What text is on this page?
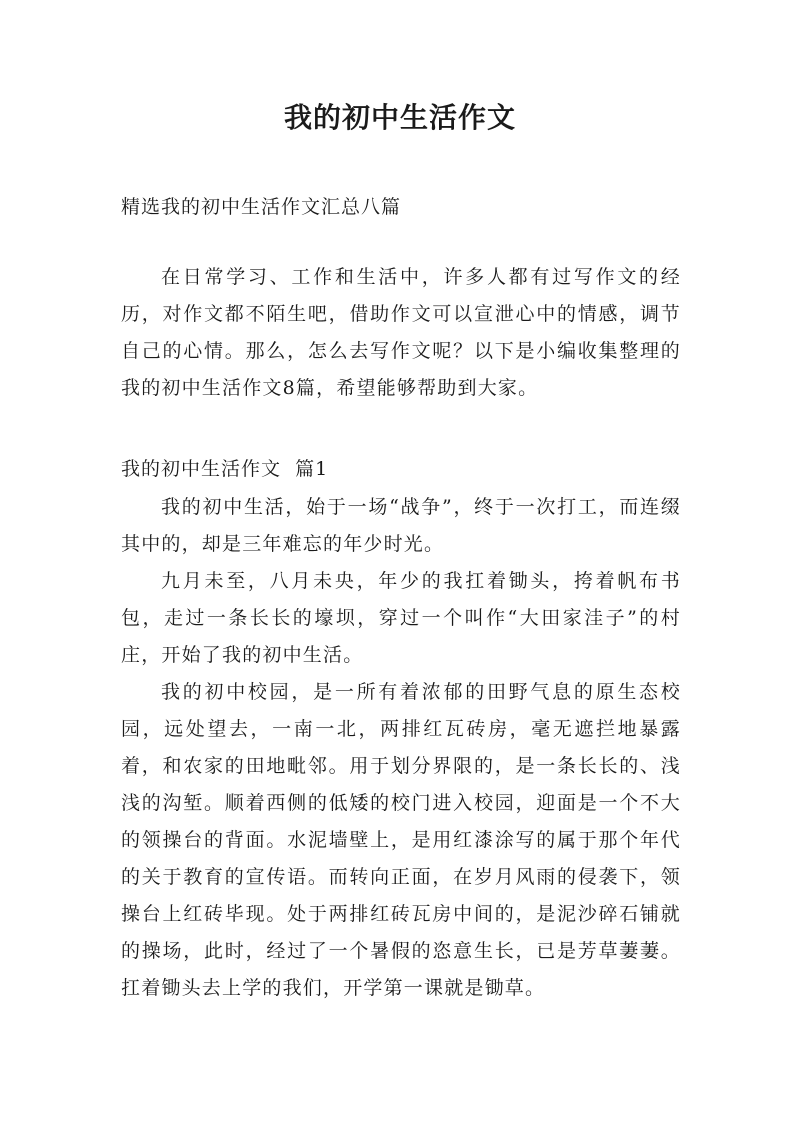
我的初中生活作文
精选我的初中生活作文汇总八篇

在日常学习、工作和生活中，许多人都有过写作文的经历，对作文都不陌生吧，借助作文可以宣泄心中的情感，调节自己的心情。那么，怎么去写作文呢？以下是小编收集整理的我的初中生活作文8篇，希望能够帮助到大家。

我的初中生活作文  篇1

我的初中生活，始于一场“战争”，终于一次打工，而连缀其中的，却是三年难忘的年少时光。

九月未至，八月未央，年少的我扛着锄头，挎着帆布书包，走过一条长长的壕坝，穿过一个叫作“大田家洼子”的村庄，开始了我的初中生活。

我的初中校园，是一所有着浓郁的田野气息的原生态校园，远处望去，一南一北，两排红瓦砖房，毫无遮拦地暴露着，和农家的田地毗邻。用于划分界限的，是一条长长的、浅浅的沟堑。顺着西侧的低矮的校门进入校园，迎面是一个不大的领操台的背面。水泥墙壁上，是用红漆涂写的属于那个年代的关于教育的宣传语。而转向正面，在岁月风雨的侵袭下，领操台上红砖毕现。处于两排红砖瓦房中间的，是泥沙碎石铺就的操场，此时，经过了一个暑假的恣意生长，已是芳草萋萋。扛着锄头去上学的我们，开学第一课就是锄草。
